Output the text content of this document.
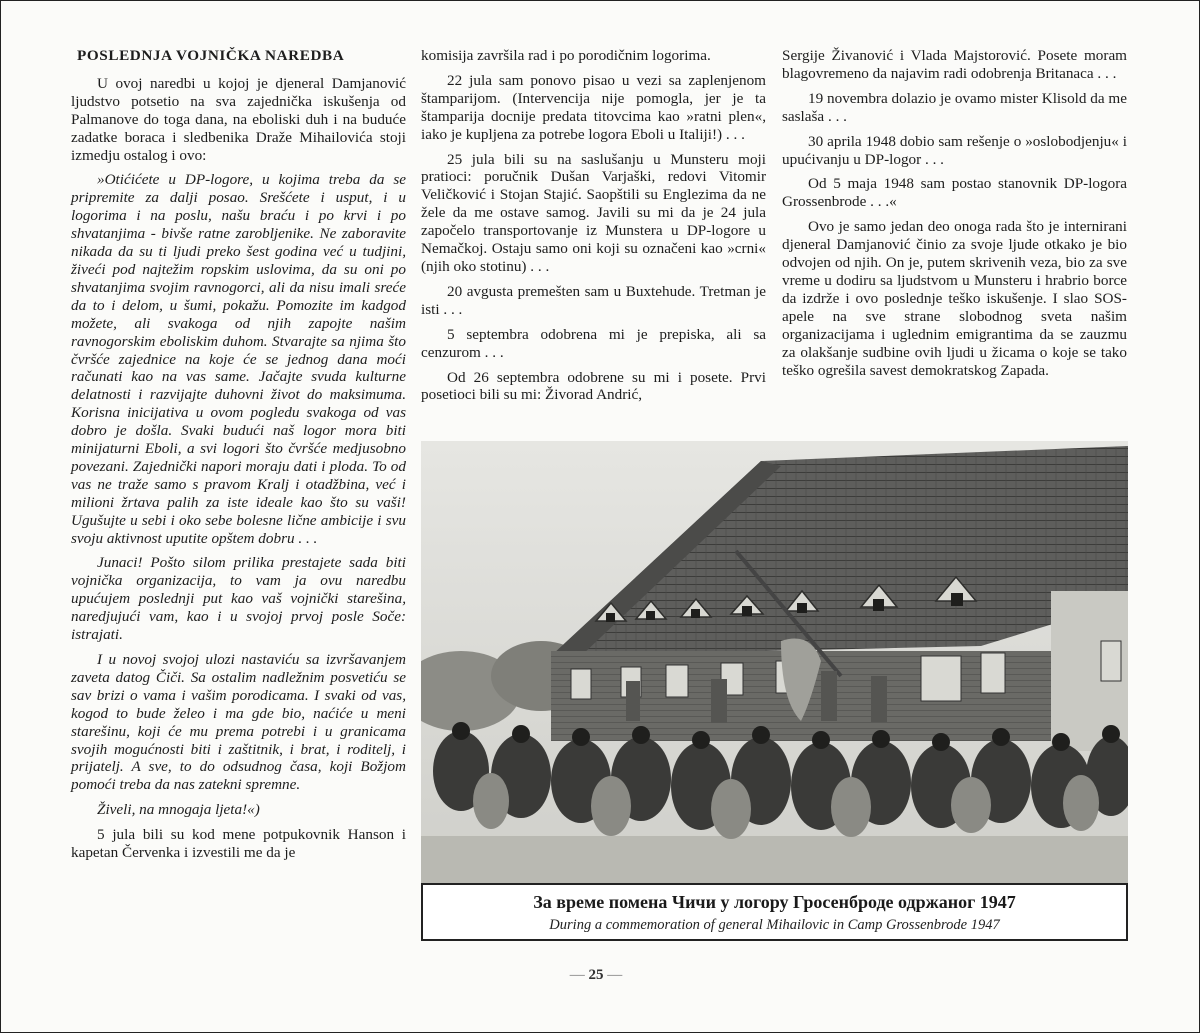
POSLEDNJA VOJNIČKA NAREDBA

U ovoj naredbi u kojoj je djeneral Damjanović ljudstvo potsetio na sva zajednička iskušenja od Palmanove do toga dana, na eboliski duh i na buduće zadatke boraca i sledbenika Draže Mihailovića stoji izmedju ostalog i ovo:

»Otićićete u DP-logore, u kojima treba da se pripremite za dalji posao. Srešćete i usput, i u logorima i na poslu, našu braću i po krvi i po shvatanjima - bivše ratne zarobljenike. Ne zaboravite nikada da su ti ljudi preko šest godina već u tudjini, živeći pod najtežim ropskim uslovima, da su oni po shvatanjima svojim ravnogorci, ali da nisu imali sreće da to i delom, u šumi, pokažu. Pomozite im kadgod možete, ali svakoga od njih zapojte našim ravnogorskim eboliskim duhom. Stvarajte sa njima što čvršće zajednice na koje će se jednog dana moći računati kao na vas same. Jačajte svuda kulturne delatnosti i razvijajte duhovni život do maksimuma. Korisna inicijativa u ovom pogledu svakoga od vas dobro je došla. Svaki budući naš logor mora biti minijaturni Eboli, a svi logori što čvršće medjusobno povezani. Zajednički napori moraju dati i ploda. To od vas ne traže samo s pravom Kralj i otadžbina, već i milioni žrtava palih za iste ideale kao što su vaši! Ugušujte u sebi i oko sebe bolesne lične ambicije i svu svoju aktivnost uputite opštem dobru . . .

Junaci! Pošto silom prilika prestajete sada biti vojnička organizacija, to vam ja ovu naredbu upućujem poslednji put kao vaš vojnički starešina, naredjujući vam, kao i u svojoj prvoj posle Soče: istrajati.

I u novoj svojoj ulozi nastaviću sa izvršavanjem zaveta datog Čiči. Sa ostalim nadležnim posvetiću se sav brizi o vama i vašim porodicama. I svaki od vas, kogod to bude želeo i ma gde bio, naćiće u meni starešinu, koji će mu prema potrebi i u granicama svojih mogućnosti biti i zaštitnik, i brat, i roditelj, i prijatelj. A sve, to do odsudnog časa, koji Božjom pomoći treba da nas zatekni spremne.

Živeli, na mnogaja ljeta!«)

5 jula bili su kod mene potpukovnik Hanson i kapetan Červenka i izvestili me da je

komisija završila rad i po porodičnim logorima.

22 jula sam ponovo pisao u vezi sa zaplenjenom štamparijom. (Intervencija nije pomogla, jer je ta štamparija docnije predata titovcima kao »ratni plen«, iako je kupljena za potrebe logora Eboli u Italiji!) . . .

25 jula bili su na saslušanju u Munsteru moji pratioci: poručnik Dušan Varjaški, redovi Vitomir Veličković i Stojan Stajić. Saopštili su Englezima da ne žele da me ostave samog. Javili su mi da je 24 jula započelo transportovanje iz Munstera u DP-logore u Nemačkoj. Ostaju samo oni koji su označeni kao »crni« (njih oko stotinu) . . .

20 avgusta premešten sam u Buxtehude. Tretman je isti . . .

5 septembra odobrena mi je prepiska, ali sa cenzurom . . .

Od 26 septembra odobrene su mi i posete. Prvi posetioci bili su mi: Živorad Andrić,

Sergije Živanović i Vlada Majstorović. Posete moram blagovremeno da najavim radi odobrenja Britanaca . . .

19 novembra dolazio je ovamo mister Klisold da me saslaša . . .

30 aprila 1948 dobio sam rešenje o »oslobodjenju« i upućivanju u DP-logor . . .

Od 5 maja 1948 sam postao stanovnik DP-logora Grossenbrode . . .«

Ovo je samo jedan deo onoga rada što je internirani djeneral Damjanović činio za svoje ljude otkako je bio odvojen od njih. On je, putem skrivenih veza, bio za sve vreme u dodiru sa ljudstvom u Munsteru i hrabrio borce da izdrže i ovo poslednje teško iskušenje. I slao SOS-apele na sve strane slobodnog sveta našim organizacijama i uglednim emigrantima da se zauzmu za olakšanje sudbine ovih ljudi u žicama o koje se tako teško ogrešila savest demokratskog Zapada.

За време помена Чичи у логору Гросенброде одржаног 1947
During a commemoration of general Mihailovic in Camp Grossenbrode 1947
— 25 —
